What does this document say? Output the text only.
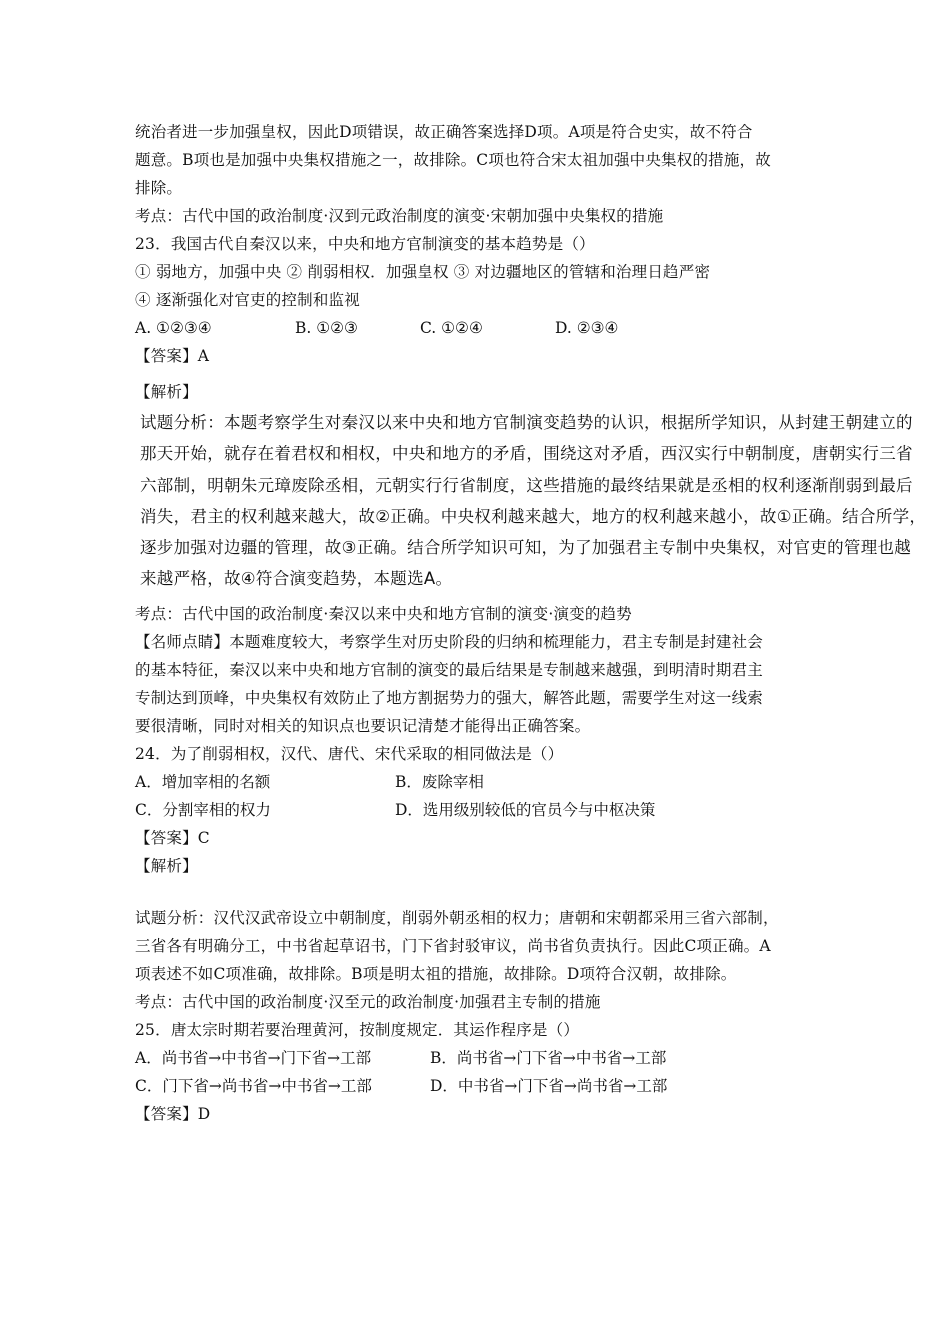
统治者进一步加强皇权，因此D项错误，故正确答案选择D项。A项是符合史实，故不符合
题意。B项也是加强中央集权措施之一，故排除。C项也符合宋太祖加强中央集权的措施，故
排除。
考点：古代中国的政治制度·汉到元政治制度的演变·宋朝加强中央集权的措施
23．我国古代自秦汉以来，中央和地方官制演变的基本趋势是（）
① 弱地方，加强中央 ② 削弱相权．加强皇权 ③ 对边疆地区的管辖和治理日趋严密
④ 逐渐强化对官吏的控制和监视
A. ①②③④	B. ①②③	C. ①②④	D. ②③④
【答案】A
【解析】
试题分析：本题考察学生对秦汉以来中央和地方官制演变趋势的认识，根据所学知识，从封建王朝建立的
那天开始，就存在着君权和相权，中央和地方的矛盾，围绕这对矛盾，西汉实行中朝制度，唐朝实行三省
六部制，明朝朱元璋废除丞相，元朝实行行省制度，这些措施的最终结果就是丞相的权利逐渐削弱到最后
消失，君主的权利越来越大，故②正确。中央权利越来越大，地方的权利越来越小，故①正确。结合所学，
逐步加强对边疆的管理，故③正确。结合所学知识可知，为了加强君主专制中央集权，对官吏的管理也越
来越严格，故④符合演变趋势，本题选A。
考点：古代中国的政治制度·秦汉以来中央和地方官制的演变·演变的趋势
【名师点睛】本题难度较大，考察学生对历史阶段的归纳和梳理能力，君主专制是封建社会
的基本特征，秦汉以来中央和地方官制的演变的最后结果是专制越来越强，到明清时期君主
专制达到顶峰，中央集权有效防止了地方割据势力的强大，解答此题，需要学生对这一线索
要很清晰，同时对相关的知识点也要识记清楚才能得出正确答案。
24．为了削弱相权，汉代、唐代、宋代采取的相同做法是（）
A．增加宰相的名额	B．废除宰相
C．分割宰相的权力	D．选用级别较低的官员今与中枢决策
【答案】C
【解析】
试题分析：汉代汉武帝设立中朝制度，削弱外朝丞相的权力；唐朝和宋朝都采用三省六部制，
三省各有明确分工，中书省起草诏书，门下省封驳审议，尚书省负责执行。因此C项正确。A
项表述不如C项准确，故排除。B项是明太祖的措施，故排除。D项符合汉朝，故排除。
考点：古代中国的政治制度·汉至元的政治制度·加强君主专制的措施
25．唐太宗时期若要治理黄河，按制度规定．其运作程序是（）
A．尚书省→中书省→门下省→工部	B．尚书省→门下省→中书省→工部
C．门下省→尚书省→中书省→工部	D．中书省→门下省→尚书省→工部
【答案】D
